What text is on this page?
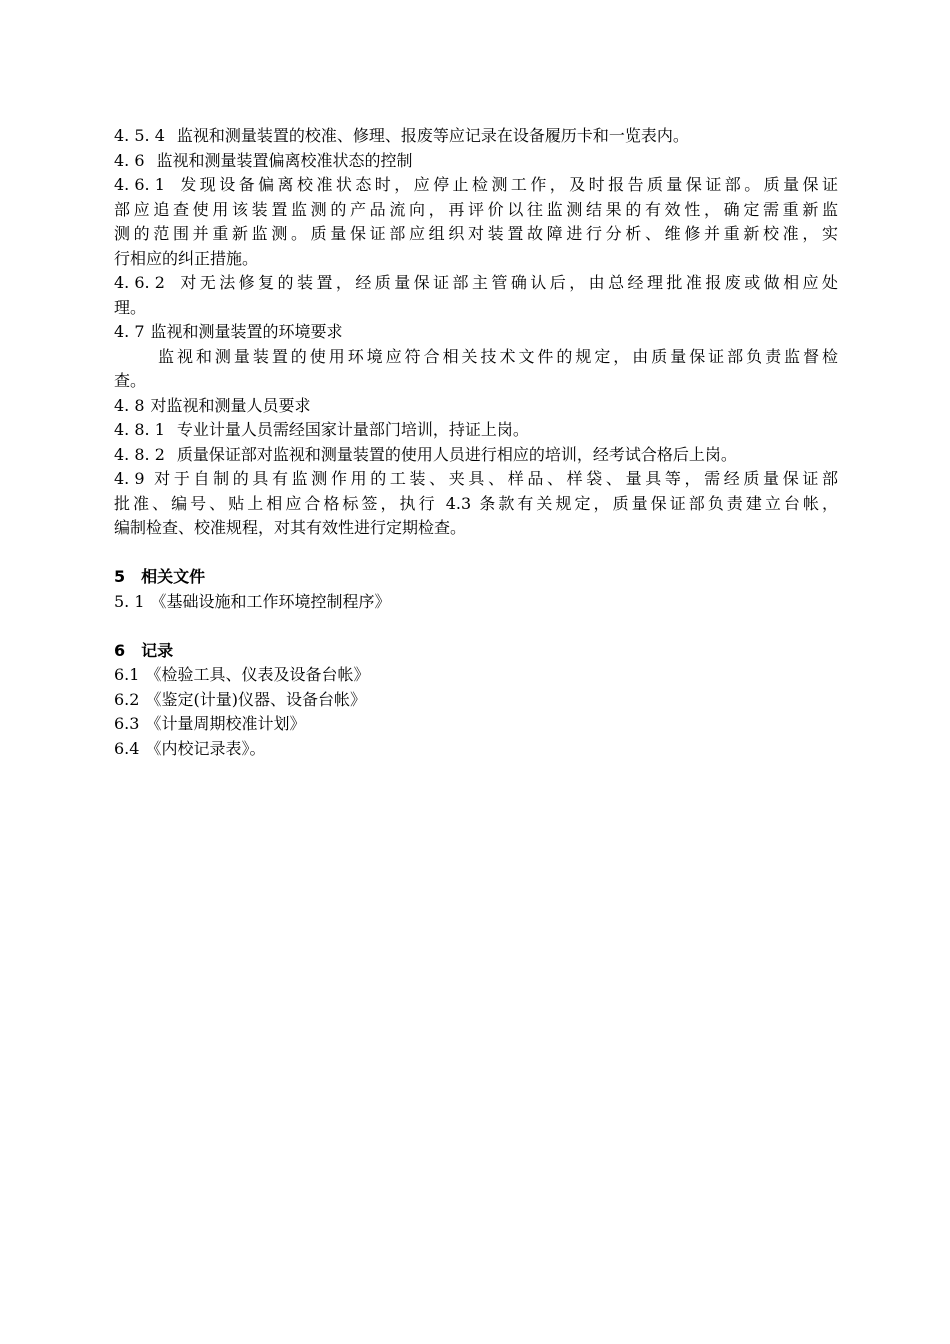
4. 5. 4 监视和测量装置的校准、修理、报废等应记录在设备履历卡和一览表内。
4. 6 监视和测量装置偏离校准状态的控制
4. 6. 1 发现设备偏离校准状态时，应停止检测工作，及时报告质量保证部。质量保证
部应追查使用该装置监测的产品流向，再评价以往监测结果的有效性，确定需重新监
测的范围并重新监测。质量保证部应组织对装置故障进行分析、维修并重新校准，实
行相应的纠正措施。
4. 6. 2 对无法修复的装置，经质量保证部主管确认后，由总经理批准报废或做相应处
理。
4. 7 监视和测量装置的环境要求
监视和测量装置的使用环境应符合相关技术文件的规定，由质量保证部负责监督检
查。
4. 8 对监视和测量人员要求
4. 8. 1 专业计量人员需经国家计量部门培训，持证上岗。
4. 8. 2 质量保证部对监视和测量装置的使用人员进行相应的培训，经考试合格后上岗。
4. 9 对于自制的具有监测作用的工装、夹具、样品、样袋、量具等，需经质量保证部
批准、编号、贴上相应合格标签，执行 4.3 条款有关规定，质量保证部负责建立台帐，
编制检查、校准规程，对其有效性进行定期检查。
5 相关文件
5. 1 《基础设施和工作环境控制程序》
6 记录
6.1 《检验工具、仪表及设备台帐》
6.2 《鉴定(计量)仪器、设备台帐》
6.3 《计量周期校准计划》
6.4 《内校记录表》。
